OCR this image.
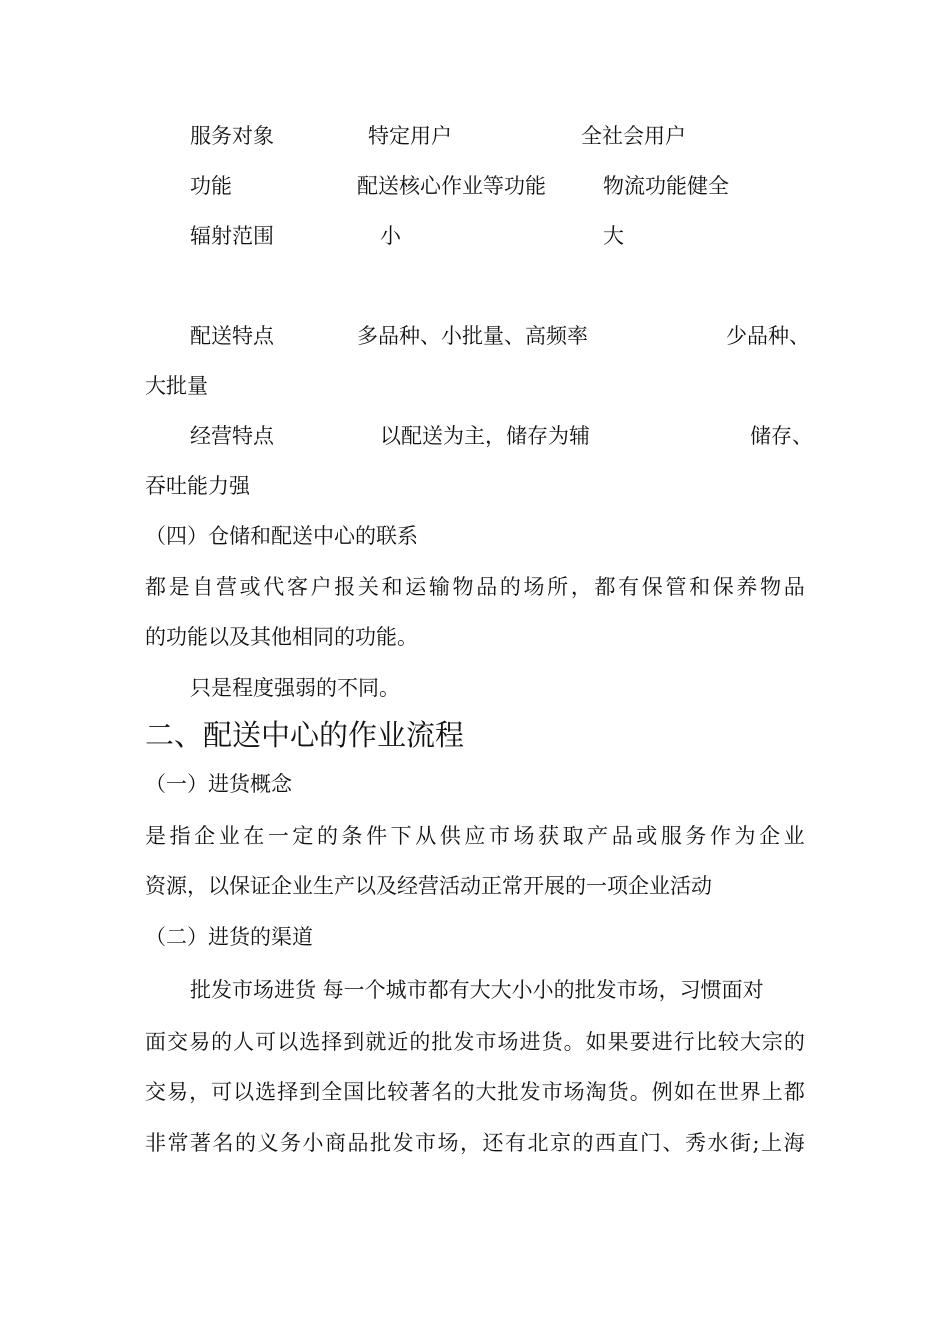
服务对象	特定用户	全社会用户
功能	配送核心作业等功能	物流功能健全
辐射范围	小	大
配送特点	多品种、小批量、高频率	少品种、
大批量
经营特点	以配送为主，储存为辅	储存、
吞吐能力强
（四）仓储和配送中心的联系
都 是 自 营 或 代 客 户 报 关 和 运 输 物 品 的 场 所 ， 都 有 保 管 和 保 养 物 品
的功能以及其他相同的功能。
只是程度强弱的不同。
二、配送中心的作业流程
（一）进货概念
是 指 企 业 在 一 定 的 条 件 下 从 供 应 市 场 获 取 产 品 或 服 务 作 为 企 业
资源，以保证企业生产以及经营活动正常开展的一项企业活动
（二）进货的渠道
批发市场进货 每一个城市都有大大小小的批发市场，习惯面对
面 交 易 的 人 可 以 选 择 到 就 近 的 批 发 市 场 进 货 。 如 果 要 进 行 比 较 大 宗 的
交 易 ， 可 以 选 择 到 全 国 比 较 著 名 的 大 批 发 市 场 淘 货 。 例 如 在 世 界 上 都
非 常 著 名 的 义 务 小 商 品 批 发 市 场 ， 还 有 北 京 的 西 直 门 、 秀 水 街 ; 上 海
